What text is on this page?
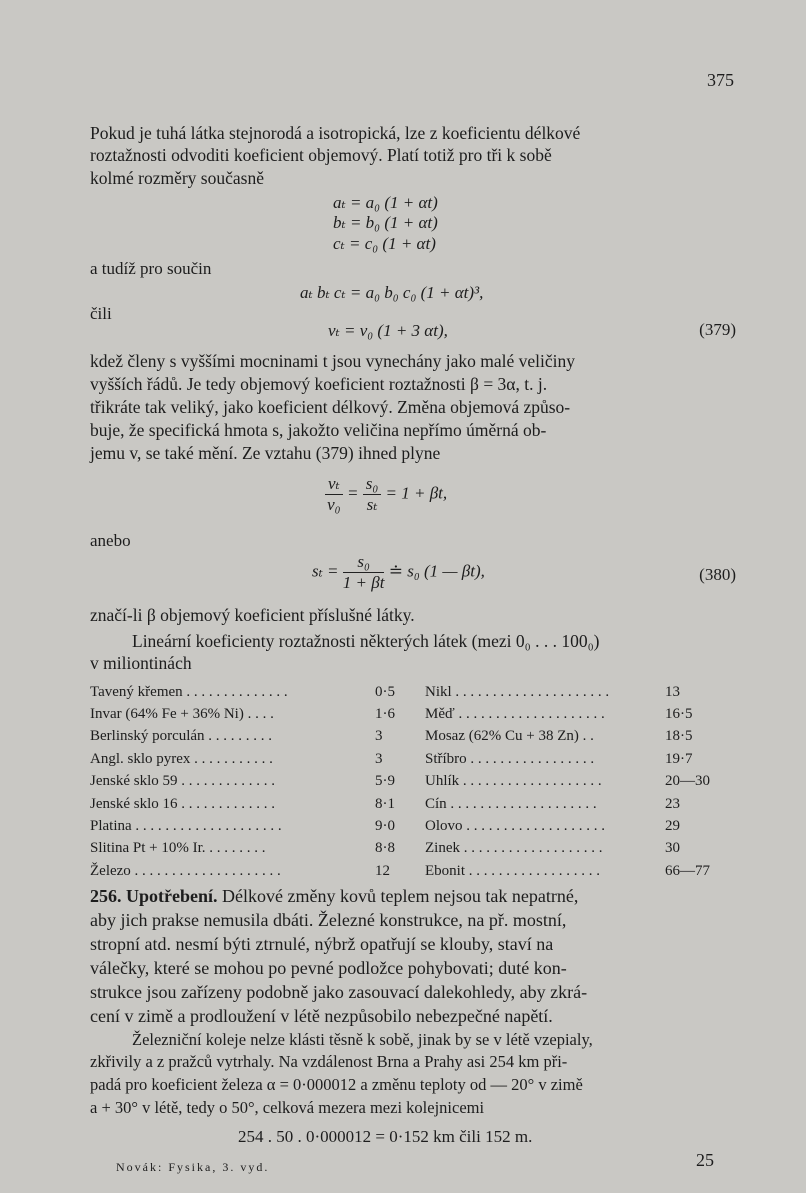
375
Pokud je tuhá látka stejnorodá a isotropická, lze z koeficientu délkové
roztažnosti odvoditi koeficient objemový. Platí totiž pro tři k sobě
kolmé rozměry současně
aₜ = a₀ (1 + αt)
bₜ = b₀ (1 + αt)
cₜ = c₀ (1 + αt)
a tudíž pro součin
aₜ bₜ cₜ = a₀ b₀ c₀ (1 + αt)³,
čili
vₜ = v₀ (1 + 3 αt),	(379)
kdež členy s vyššími mocninami t jsou vynechány jako malé veličiny
vyšších řádů. Je tedy objemový koeficient roztažnosti β = 3α, t. j.
třikráte tak veliký, jako koeficient délkový. Změna objemová způso-
buje, že specifická hmota s, jakožto veličina nepřímo úměrná ob-
jemu v, se také mění. Ze vztahu (379) ihned plyne
$\frac{\text{vₜ}}{\text{v₀}} = \frac{\text{s₀}}{\text{sₜ}} = 1 + \beta t$,
anebo
$s_t = \frac{\text{s₀}}{1 + \beta t}$ ≐ s₀ (1 — βt),	(380)
značí-li β objemový koeficient příslušné látky.
Lineární koeficienty roztažnosti některých látek (mezi 0₀ . . . 100₀)
v miliontinách
Tavený křemen . . . . . . . . . . . . . .	0·5	Nikl . . . . . . . . . . . . . . . . . . . . .	13
Invar (64% Fe + 36% Ni) . . . .	1·6	Měď . . . . . . . . . . . . . . . . . . . .	16·5
Berlinský porculán . . . . . . . . .	3	Mosaz (62% Cu + 38 Zn) . .	18·5
Angl. sklo pyrex . . . . . . . . . . .	3	Stříbro . . . . . . . . . . . . . . . . .	19·7
Jenské sklo 59 . . . . . . . . . . . . .	5·9	Uhlík . . . . . . . . . . . . . . . . . . .	20—30
Jenské sklo 16 . . . . . . . . . . . . .	8·1	Cín . . . . . . . . . . . . . . . . . . . .	23
Platina . . . . . . . . . . . . . . . . . . . .	9·0	Olovo . . . . . . . . . . . . . . . . . . .	29
Slitina Pt + 10% Ir. . . . . . . . .	8·8	Zinek . . . . . . . . . . . . . . . . . . .	30
Železo . . . . . . . . . . . . . . . . . . . .	12	Ebonit . . . . . . . . . . . . . . . . . .	66—77
256. Upotřebení. Délkové změny kovů teplem nejsou tak nepatrné,
aby jich prakse nemusila dbáti. Železné konstrukce, na př. mostní,
stropní atd. nesmí býti ztrnulé, nýbrž opatřují se klouby, staví na
válečky, které se mohou po pevné podložce pohybovati; duté kon-
strukce jsou zařízeny podobně jako zasouvací dalekohledy, aby zkrá-
cení v zimě a prodloužení v létě nezpůsobilo nebezpečné napětí.
Železniční koleje nelze klásti těsně k sobě, jinak by se v létě vzepialy,
zkřivily a z pražců vytrhaly. Na vzdálenost Brna a Prahy asi 254 km při-
padá pro koeficient železa α = 0·000012 a změnu teploty od — 20° v zimě
a + 30° v létě, tedy o 50°, celková mezera mezi kolejnicemi
254 . 50 . 0·000012 = 0·152 km čili 152 m.
Novák: Fysika, 3. vyd.	25
